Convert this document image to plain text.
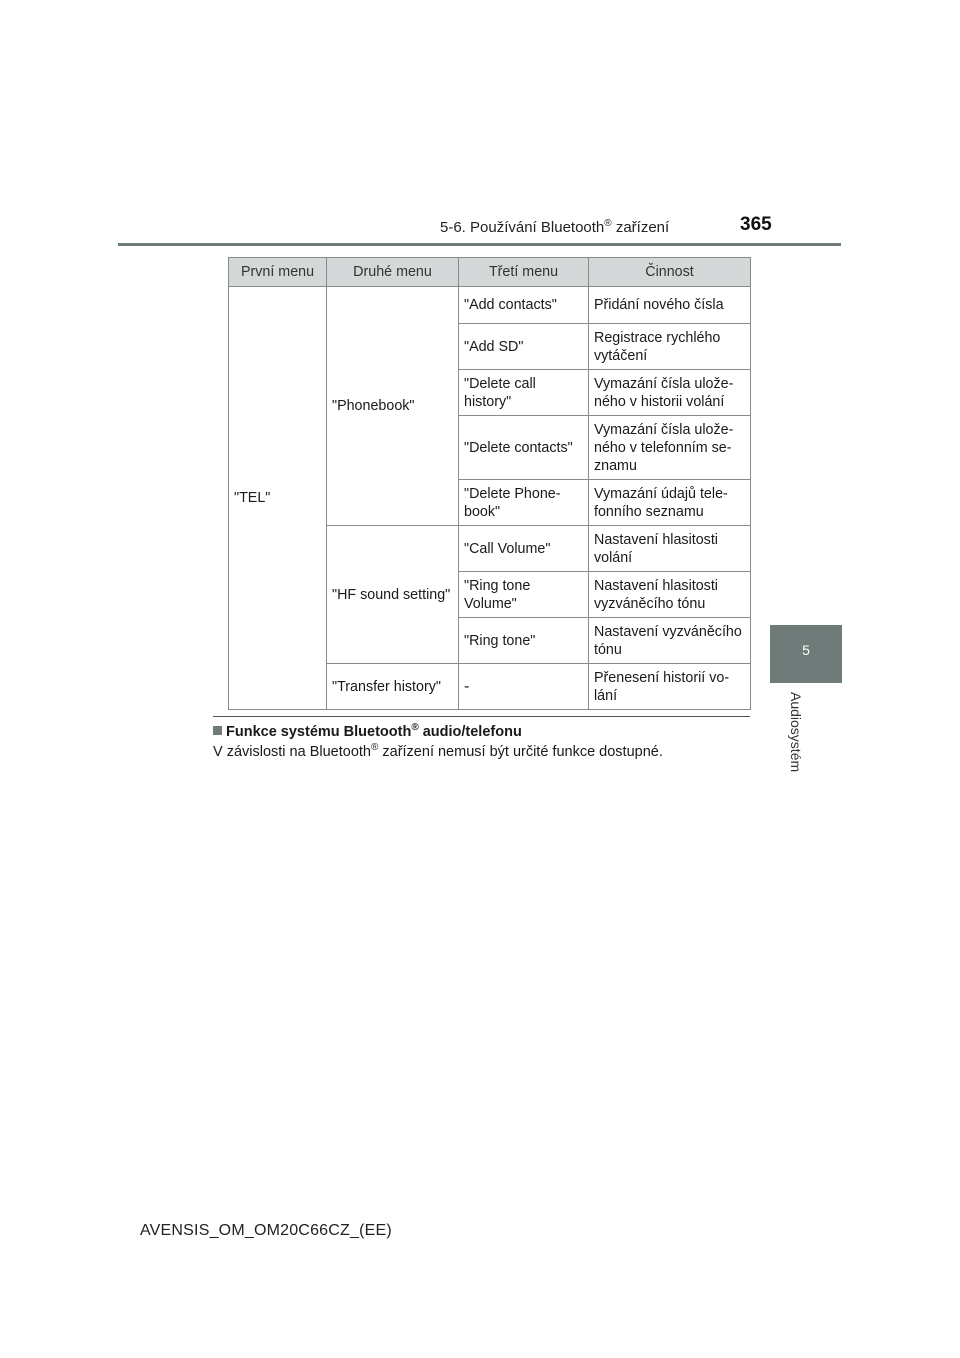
5-6. Používání Bluetooth® zařízení	365
5
Audiosystém
První menu	Druhé menu	Třetí menu	Činnost
"TEL"	"Phonebook"	"Add contacts"	Přidání nového čísla
		"Add SD"	Registrace rychlého vytáčení
		"Delete call history"	Vymazání čísla uloženého v historii volání
		"Delete contacts"	Vymazání čísla uloženého v telefonním seznamu
		"Delete Phonebook"	Vymazání údajů telefonního seznamu
	"HF sound setting"	"Call Volume"	Nastavení hlasitosti volání
		"Ring tone Volume"	Nastavení hlasitosti vyzváněcího tónu
		"Ring tone"	Nastavení vyzváněcího tónu
	"Transfer history"	-	Přenesení historií volání
Funkce systému Bluetooth® audio/telefonu
V závislosti na Bluetooth® zařízení nemusí být určité funkce dostupné.
AVENSIS_OM_OM20C66CZ_(EE)
